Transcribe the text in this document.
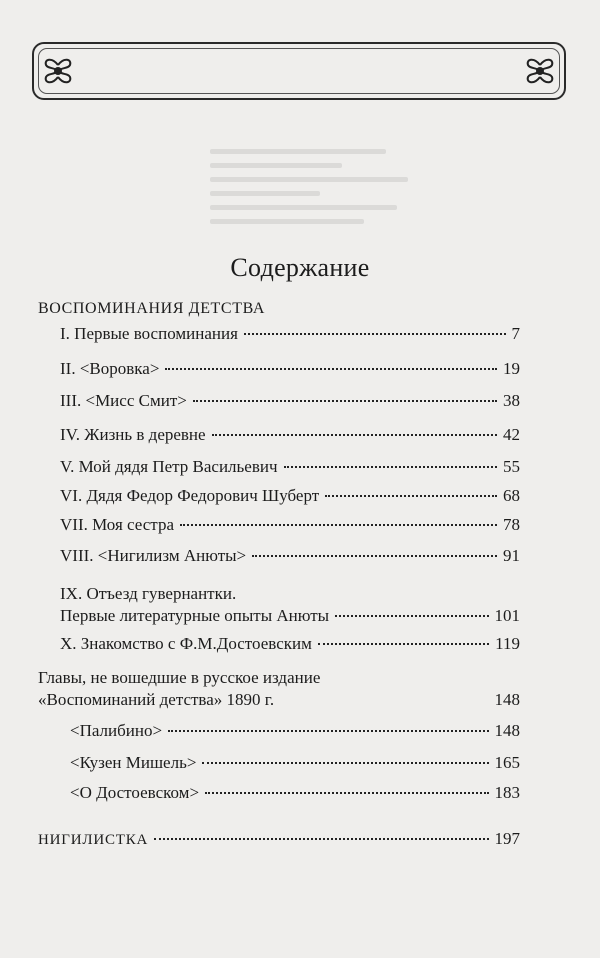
Содержание
ВОСПОМИНАНИЯ ДЕТСТВА
I. Первые воспоминания	7
II. <Воровка>	19
III. <Мисс Смит>	38
IV. Жизнь в деревне	42
V. Мой дядя Петр Васильевич	55
VI. Дядя Федор Федорович Шуберт	68
VII. Моя сестра	78
VIII. <Нигилизм Анюты>	91
IX. Отъезд гувернантки.
Первые литературные опыты Анюты	101
X. Знакомство с Ф.М.Достоевским	119
Главы, не вошедшие в русское издание
«Воспоминаний детства» 1890 г.	148
<Палибино>	148
<Кузен Мишель>	165
<О Достоевском>	183
НИГИЛИСТКА	197
